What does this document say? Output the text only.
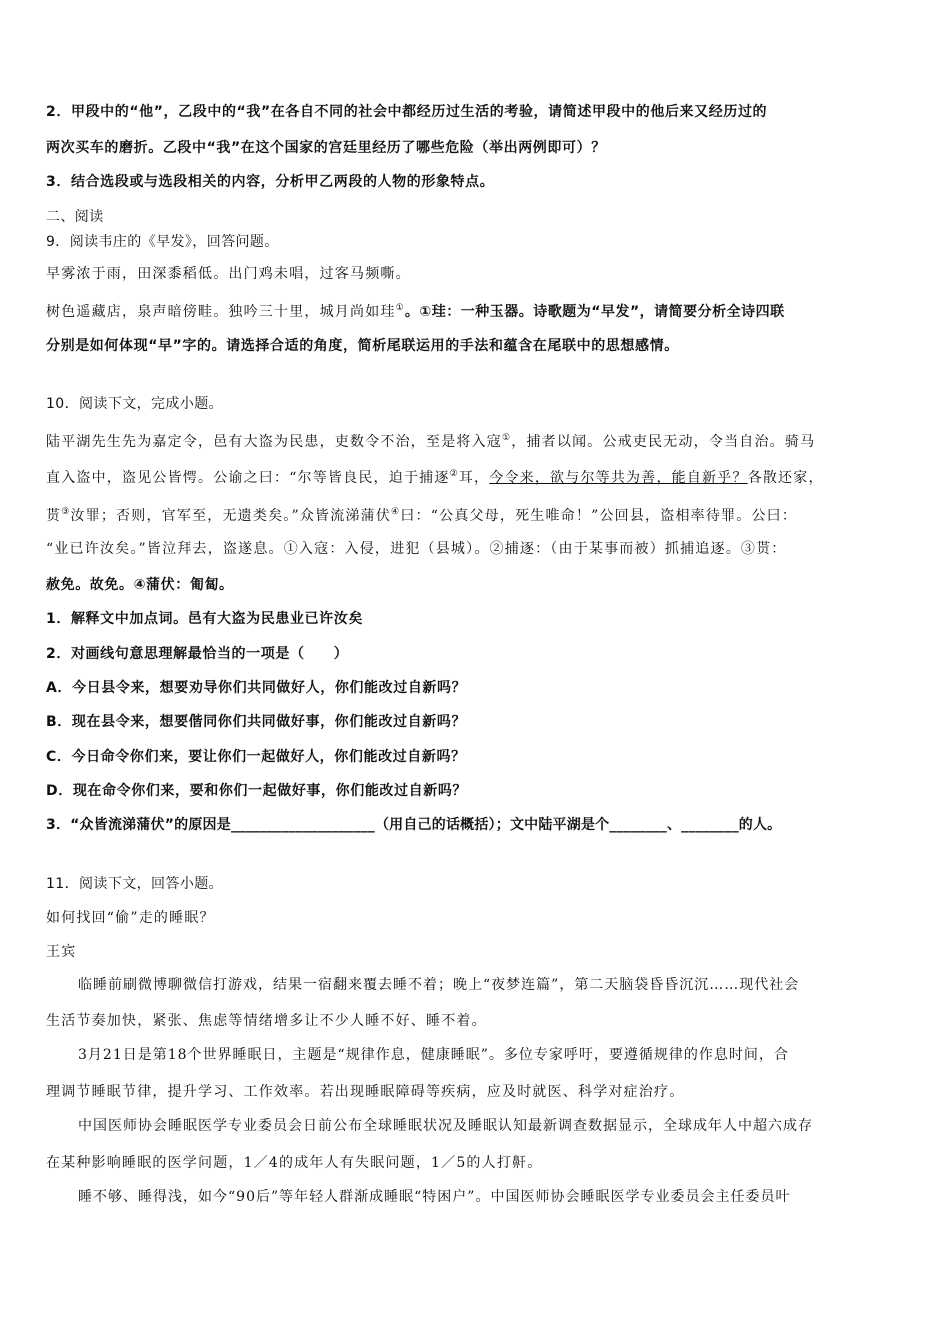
2．甲段中的“他”，乙段中的“我”在各自不同的社会中都经历过生活的考验，请简述甲段中的他后来又经历过的
两次买车的磨折。乙段中“我”在这个国家的宫廷里经历了哪些危险（举出两例即可）？
3．结合选段或与选段相关的内容，分析甲乙两段的人物的形象特点。
二、阅读
9．阅读韦庄的《早发》，回答问题。
早雾浓于雨，田深黍稻低。出门鸡未唱，过客马频嘶。
树色遥藏店，泉声暗傍畦。独吟三十里，城月尚如珪①。①珪：一种玉器。诗歌题为“早发”，请简要分析全诗四联
分别是如何体现“早”字的。请选择合适的角度，简析尾联运用的手法和蕴含在尾联中的思想感情。
10．阅读下文，完成小题。
陆平湖先生先为嘉定令，邑有大盗为民患，吏数令不治，至是将入寇①，捕者以闻。公戒吏民无动，令当自治。骑马
直入盗中，盗见公皆愕。公谕之曰：“尔等皆良民，迫于捕逐②耳，今令来，欲与尔等共为善，能自新乎？各散还家，
贳③汝罪；否则，官军至，无遗类矣。”众皆流涕蒲伏④曰：“公真父母，死生唯命！”公回县，盗相率待罪。公曰：
“业已许汝矣。”皆泣拜去，盗遂息。①入寇：入侵，进犯（县城）。②捕逐：（由于某事而被）抓捕追逐。③贳：
赦免。故免。④蒲伏：匍匐。
1．解释文中加点词。邑有大盗为民患业已许汝矣
2．对画线句意思理解最恰当的一项是（　　）
A．今日县令来，想要劝导你们共同做好人，你们能改过自新吗？
B．现在县令来，想要偕同你们共同做好事，你们能改过自新吗？
C．今日命令你们来，要让你们一起做好人，你们能改过自新吗？
D．现在命令你们来，要和你们一起做好事，你们能改过自新吗？
3．“众皆流涕蒲伏”的原因是____________________（用自己的话概括）；文中陆平湖是个________、________的人。
11．阅读下文，回答小题。
如何找回“偷”走的睡眠？
王宾
临睡前刷微博聊微信打游戏，结果一宿翻来覆去睡不着；晚上“夜梦连篇”，第二天脑袋昏昏沉沉……现代社会
生活节奏加快，紧张、焦虑等情绪增多让不少人睡不好、睡不着。
3月21日是第18个世界睡眠日，主题是“规律作息，健康睡眠”。多位专家呼吁，要遵循规律的作息时间，合
理调节睡眠节律，提升学习、工作效率。若出现睡眠障碍等疾病，应及时就医、科学对症治疗。
中国医师协会睡眠医学专业委员会日前公布全球睡眠状况及睡眠认知最新调查数据显示，全球成年人中超六成存
在某种影响睡眠的医学问题，1／4的成年人有失眠问题，1／5的人打鼾。
睡不够、睡得浅，如今“90后”等年轻人群渐成睡眠“特困户”。中国医师协会睡眠医学专业委员会主任委员叶
